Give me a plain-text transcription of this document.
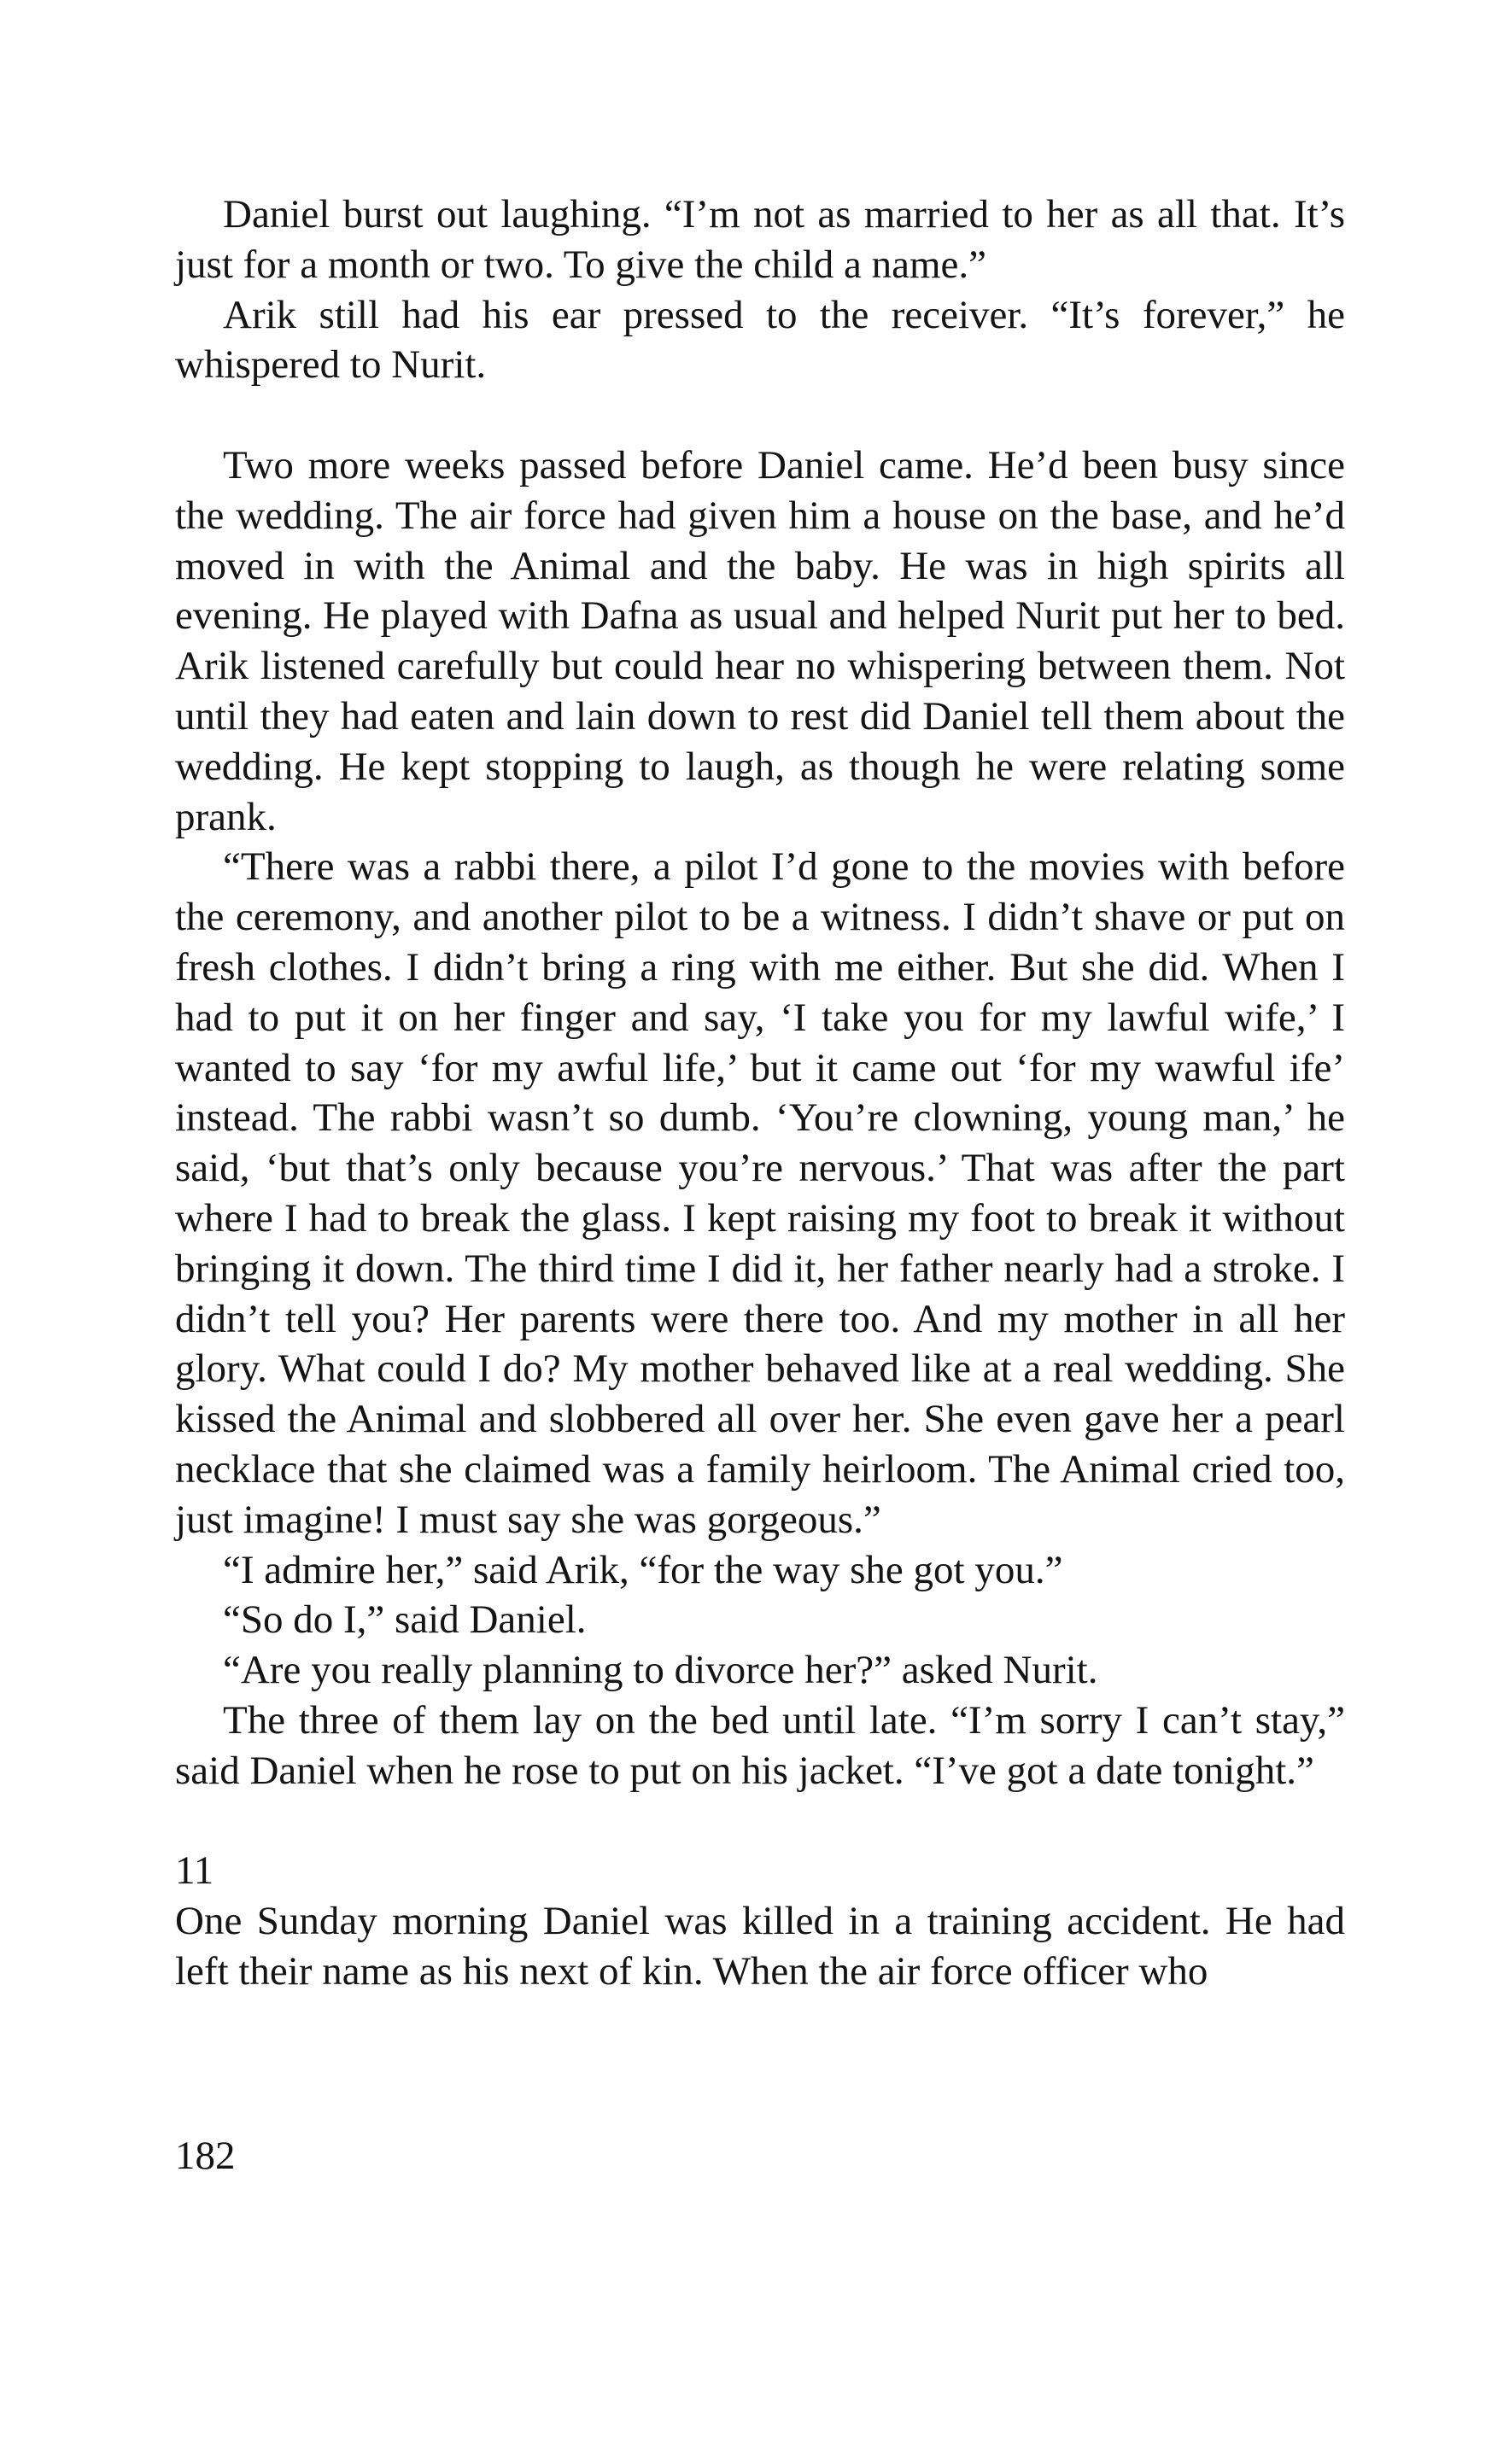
Daniel burst out laughing. “I’m not as married to her as all that. It’s just for a month or two. To give the child a name.”

Arik still had his ear pressed to the receiver. “It’s forever,” he whispered to Nurit.

Two more weeks passed before Daniel came. He’d been busy since the wedding. The air force had given him a house on the base, and he’d moved in with the Animal and the baby. He was in high spirits all evening. He played with Dafna as usual and helped Nurit put her to bed. Arik listened carefully but could hear no whispering between them. Not until they had eaten and lain down to rest did Daniel tell them about the wedding. He kept stopping to laugh, as though he were relating some prank.

“There was a rabbi there, a pilot I’d gone to the movies with before the ceremony, and another pilot to be a witness. I didn’t shave or put on fresh clothes. I didn’t bring a ring with me either. But she did. When I had to put it on her finger and say, ‘I take you for my lawful wife,’ I wanted to say ‘for my awful life,’ but it came out ‘for my wawful ife’ instead. The rabbi wasn’t so dumb. ‘You’re clowning, young man,’ he said, ‘but that’s only because you’re nervous.’ That was after the part where I had to break the glass. I kept raising my foot to break it without bringing it down. The third time I did it, her father nearly had a stroke. I didn’t tell you? Her parents were there too. And my mother in all her glory. What could I do? My mother behaved like at a real wedding. She kissed the Animal and slobbered all over her. She even gave her a pearl necklace that she claimed was a family heirloom. The Animal cried too, just imagine! I must say she was gorgeous.”

“I admire her,” said Arik, “for the way she got you.”

“So do I,” said Daniel.

“Are you really planning to divorce her?” asked Nurit.

The three of them lay on the bed until late. “I’m sorry I can’t stay,” said Daniel when he rose to put on his jacket. “I’ve got a date tonight.”

11

One Sunday morning Daniel was killed in a training accident. He had left their name as his next of kin. When the air force officer who

182
